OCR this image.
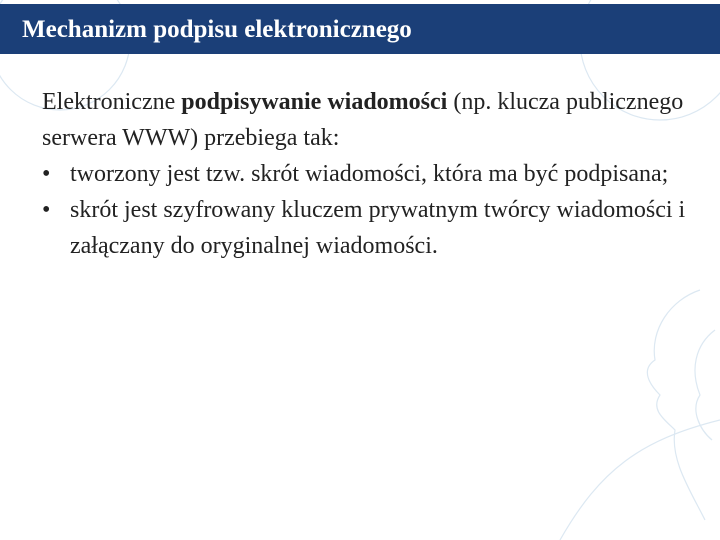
Mechanizm podpisu elektronicznego

Elektroniczne podpisywanie wiadomości (np. klucza publicznego serwera WWW) przebiega tak:

• tworzony jest tzw. skrót wiadomości, która ma być podpisana;
• skrót jest szyfrowany kluczem prywatnym twórcy wiadomości i załączany do oryginalnej wiadomości.
